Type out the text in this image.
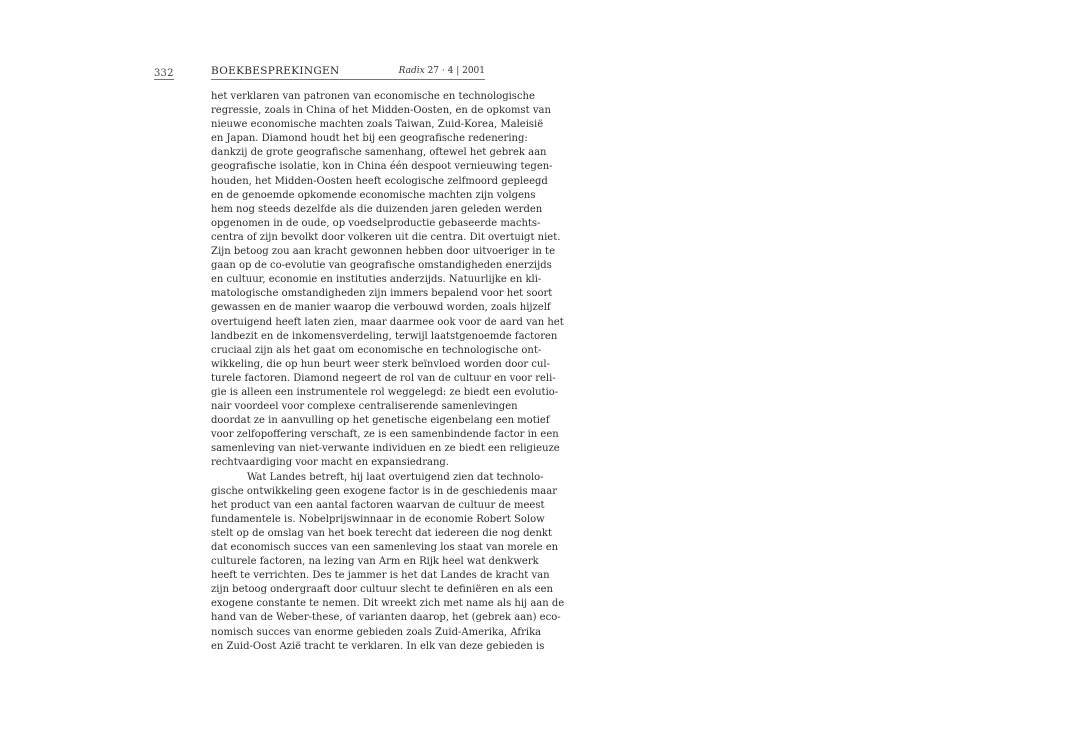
332	BOEKBESPREKINGEN	Radix 27 · 4 | 2001
het verklaren van patronen van economische en technologische
regressie, zoals in China of het Midden-Oosten, en de opkomst van
nieuwe economische machten zoals Taiwan, Zuid-Korea, Maleisië
en Japan. Diamond houdt het bij een geografische redenering:
dankzij de grote geografische samenhang, oftewel het gebrek aan
geografische isolatie, kon in China één despoot vernieuwing tegen-
houden, het Midden-Oosten heeft ecologische zelfmoord gepleegd
en de genoemde opkomende economische machten zijn volgens
hem nog steeds dezelfde als die duizenden jaren geleden werden
opgenomen in de oude, op voedselproductie gebaseerde machts-
centra of zijn bevolkt door volkeren uit die centra. Dit overtuigt niet.
Zijn betoog zou aan kracht gewonnen hebben door uitvoeriger in te
gaan op de co-evolutie van geografische omstandigheden enerzijds
en cultuur, economie en instituties anderzijds. Natuurlijke en kli-
matologische omstandigheden zijn immers bepalend voor het soort
gewassen en de manier waarop die verbouwd worden, zoals hijzelf
overtuigend heeft laten zien, maar daarmee ook voor de aard van het
landbezit en de inkomensverdeling, terwijl laatstgenoemde factoren
cruciaal zijn als het gaat om economische en technologische ont-
wikkeling, die op hun beurt weer sterk beïnvloed worden door cul-
turele factoren. Diamond negeert de rol van de cultuur en voor reli-
gie is alleen een instrumentele rol weggelegd: ze biedt een evolutio-
nair voordeel voor complexe centraliserende samenlevingen
doordat ze in aanvulling op het genetische eigenbelang een motief
voor zelfopoffering verschaft, ze is een samenbindende factor in een
samenleving van niet-verwante individuen en ze biedt een religieuze
rechtvaardiging voor macht en expansiedrang.
Wat Landes betreft, hij laat overtuigend zien dat technolo-
gische ontwikkeling geen exogene factor is in de geschiedenis maar
het product van een aantal factoren waarvan de cultuur de meest
fundamentele is. Nobelprijswinnaar in de economie Robert Solow
stelt op de omslag van het boek terecht dat iedereen die nog denkt
dat economisch succes van een samenleving los staat van morele en
culturele factoren, na lezing van Arm en Rijk heel wat denkwerk
heeft te verrichten. Des te jammer is het dat Landes de kracht van
zijn betoog ondergraaft door cultuur slecht te definiëren en als een
exogene constante te nemen. Dit wreekt zich met name als hij aan de
hand van de Weber-these, of varianten daarop, het (gebrek aan) eco-
nomisch succes van enorme gebieden zoals Zuid-Amerika, Afrika
en Zuid-Oost Azië tracht te verklaren. In elk van deze gebieden is
